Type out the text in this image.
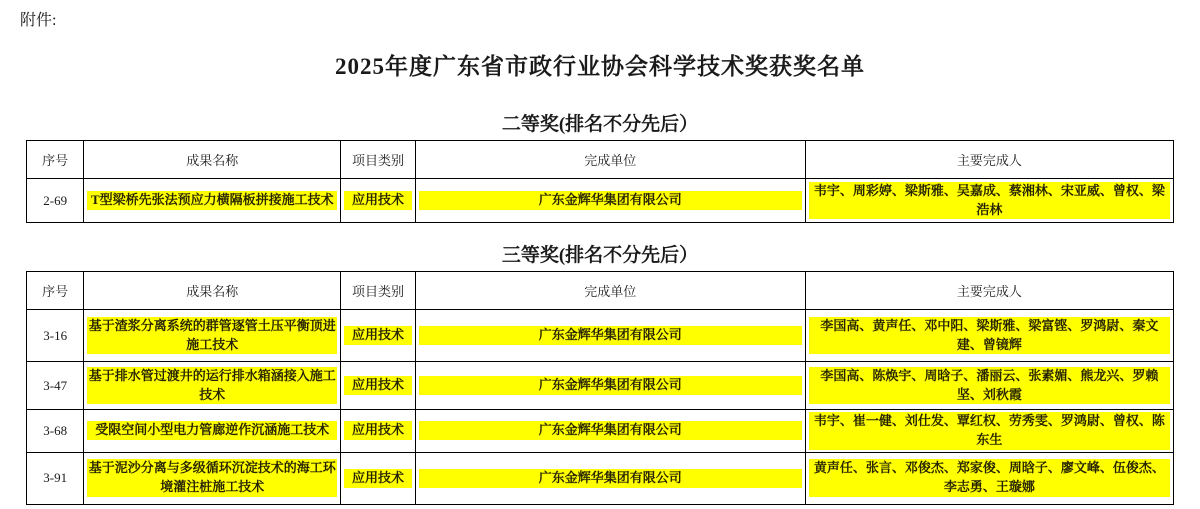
附件:
2025年度广东省市政行业协会科学技术奖获奖名单
二等奖(排名不分先后）
序号	成果名称	项目类别	完成单位	主要完成人
2-69	T型梁桥先张法预应力横隔板拼接施工技术	应用技术	广东金辉华集团有限公司	韦宇、周彩婷、梁斯雅、吴嘉成、蔡湘林、宋亚威、曾权、梁浩林
三等奖(排名不分先后）
序号	成果名称	项目类别	完成单位	主要完成人
3-16	基于渣浆分离系统的群管逐管土压平衡顶进施工技术	应用技术	广东金辉华集团有限公司	李国高、黄声任、邓中阳、梁斯雅、梁富铿、罗鸿尉、秦文建、曾镜辉

3-47	基于排水管过渡井的运行排水箱涵接入施工技术	应用技术	广东金辉华集团有限公司	李国高、陈焕宇、周晗子、潘丽云、张素媚、熊龙兴、罗赖坚、刘秋霞

3-68	受限空间小型电力管廊逆作沉涵施工技术	应用技术	广东金辉华集团有限公司	韦宇、崔一健、刘仕发、覃红权、劳秀雯、罗鸿尉、曾权、陈东生

3-91	基于泥沙分离与多级循环沉淀技术的海工环境灌注桩施工技术	应用技术	广东金辉华集团有限公司	黄声任、张言、邓俊杰、郑家俊、周晗子、廖文峰、伍俊杰、李志勇、王璇娜
